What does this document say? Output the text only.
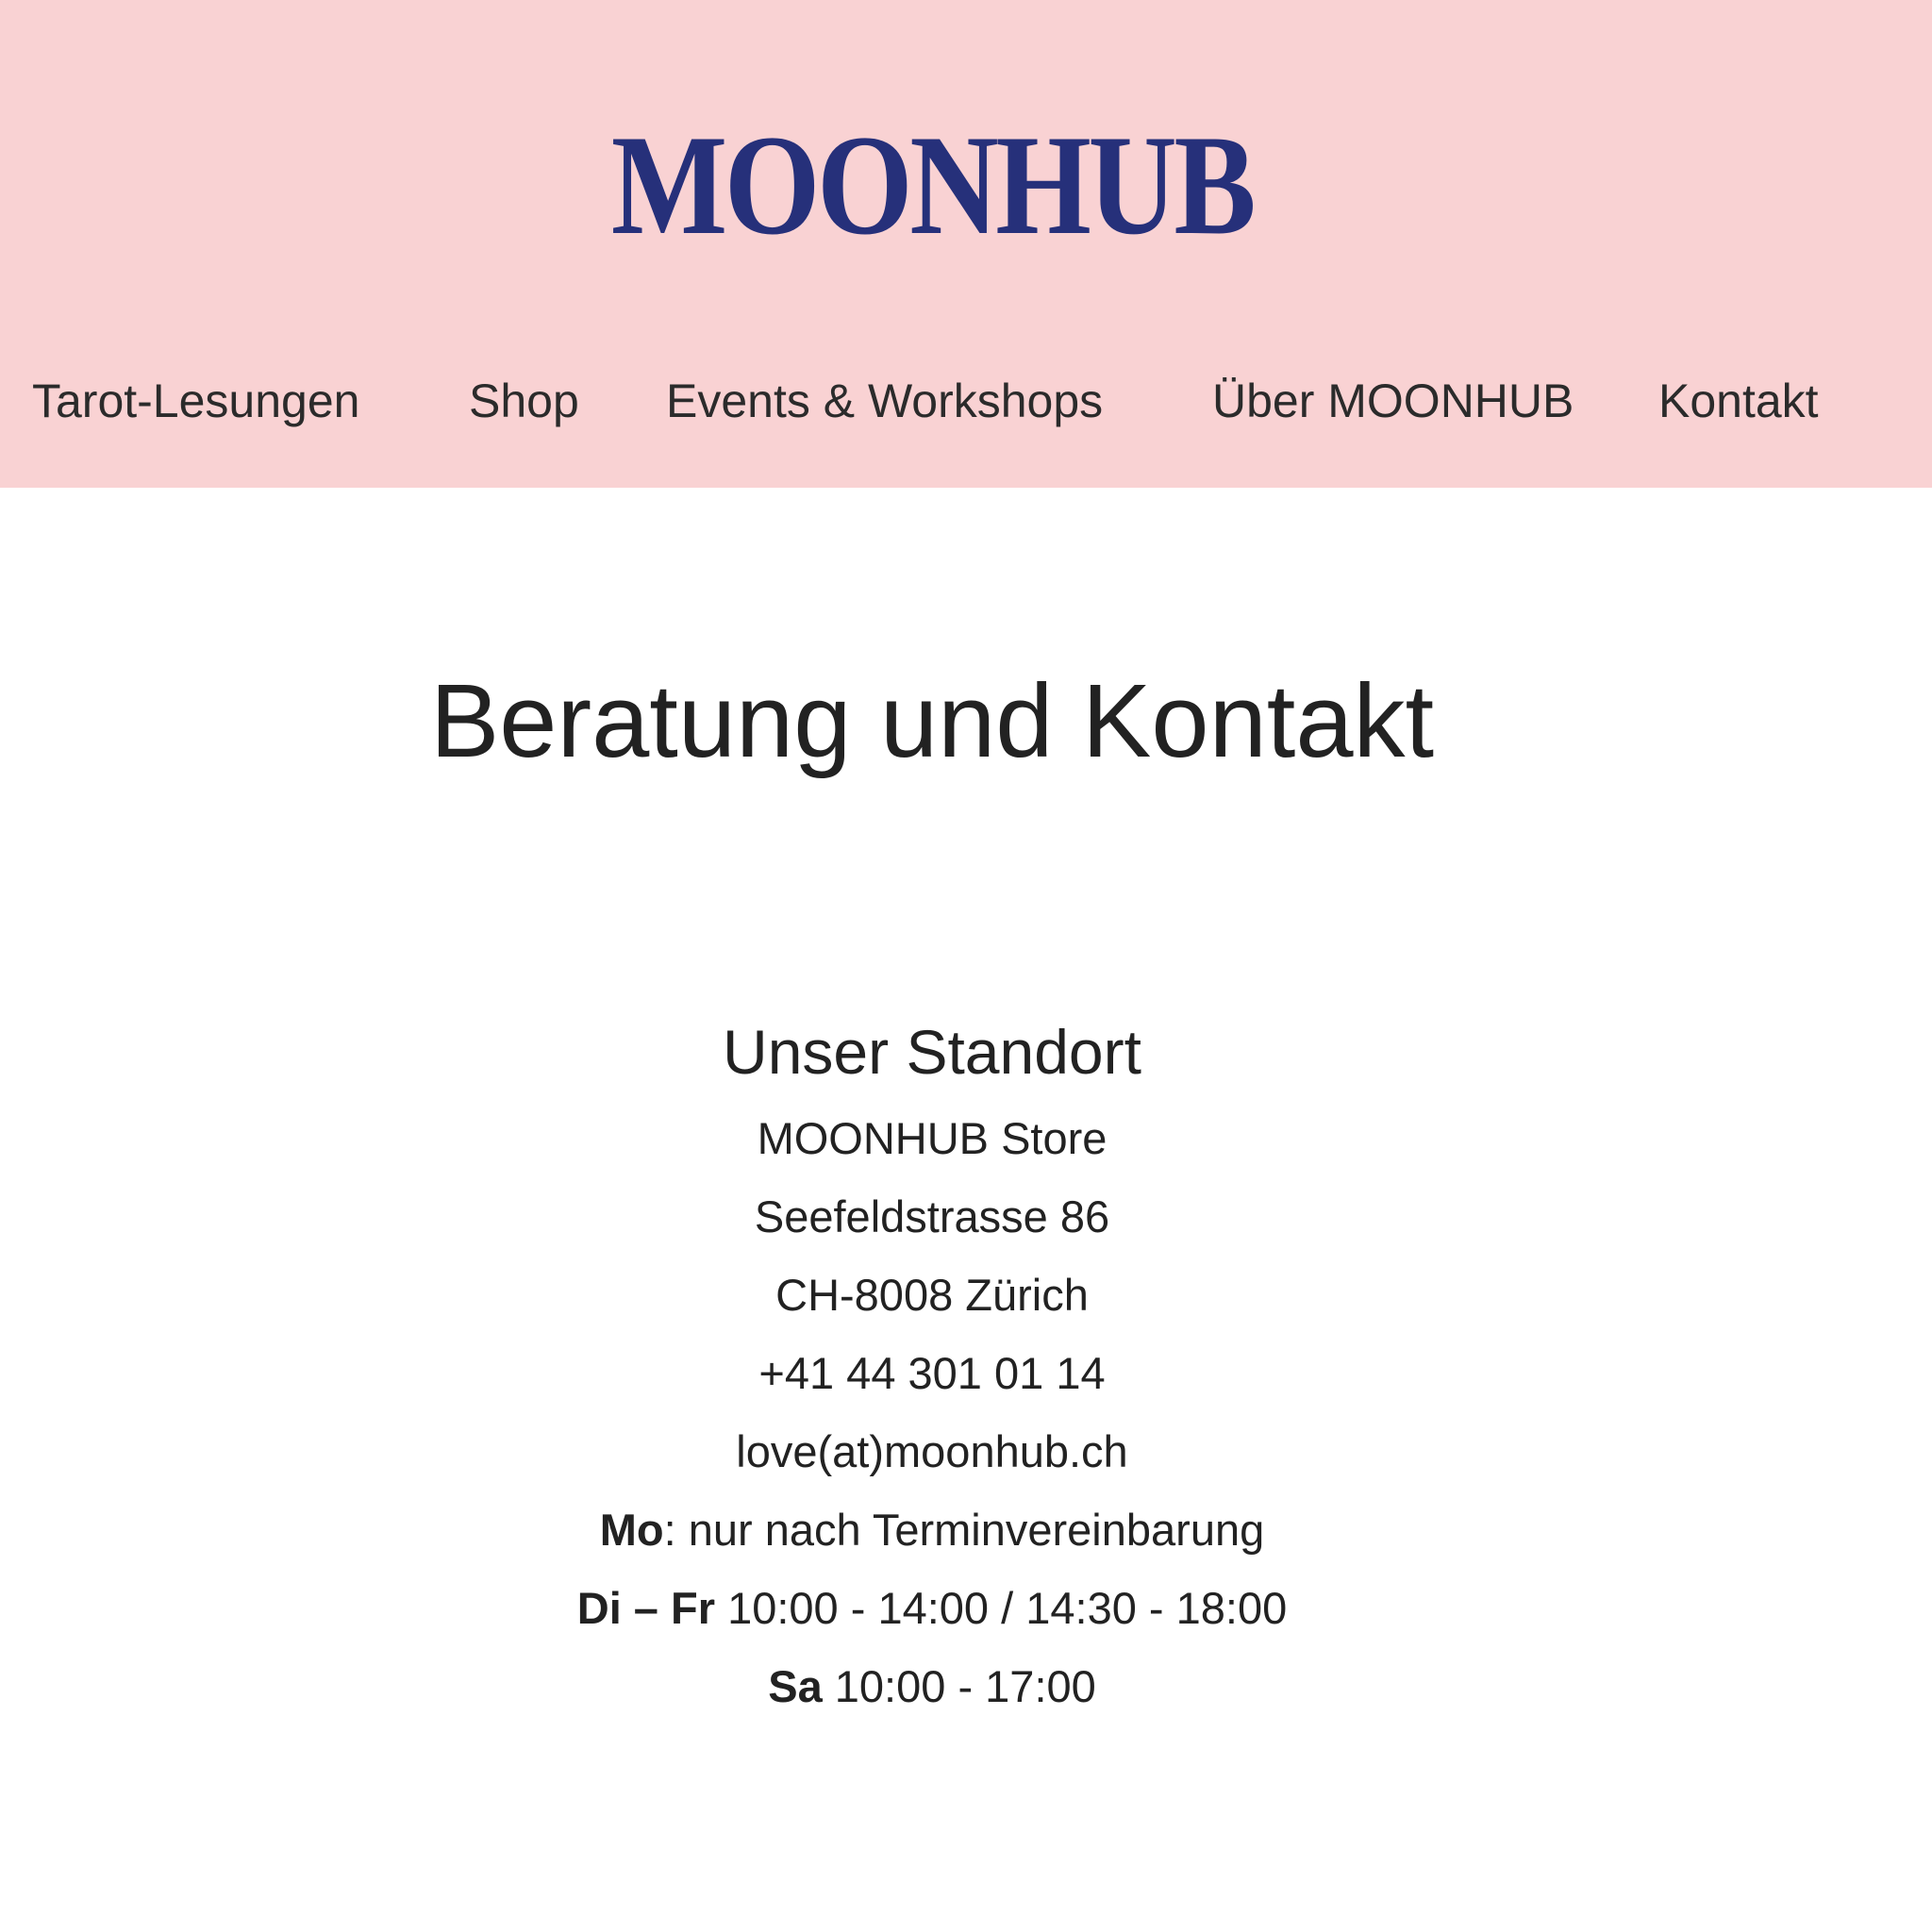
MOONHUB
Tarot-Lesungen Shop Events & Workshops Über MOONHUB Kontakt
Beratung und Kontakt
Unser Standort
MOONHUB Store
Seefeldstrasse 86
CH-8008 Zürich
+41 44 301 01 14
love(at)moonhub.ch
Mo: nur nach Terminvereinbarung
Di – Fr 10:00 - 14:00 / 14:30 - 18:00
Sa 10:00 - 17:00
